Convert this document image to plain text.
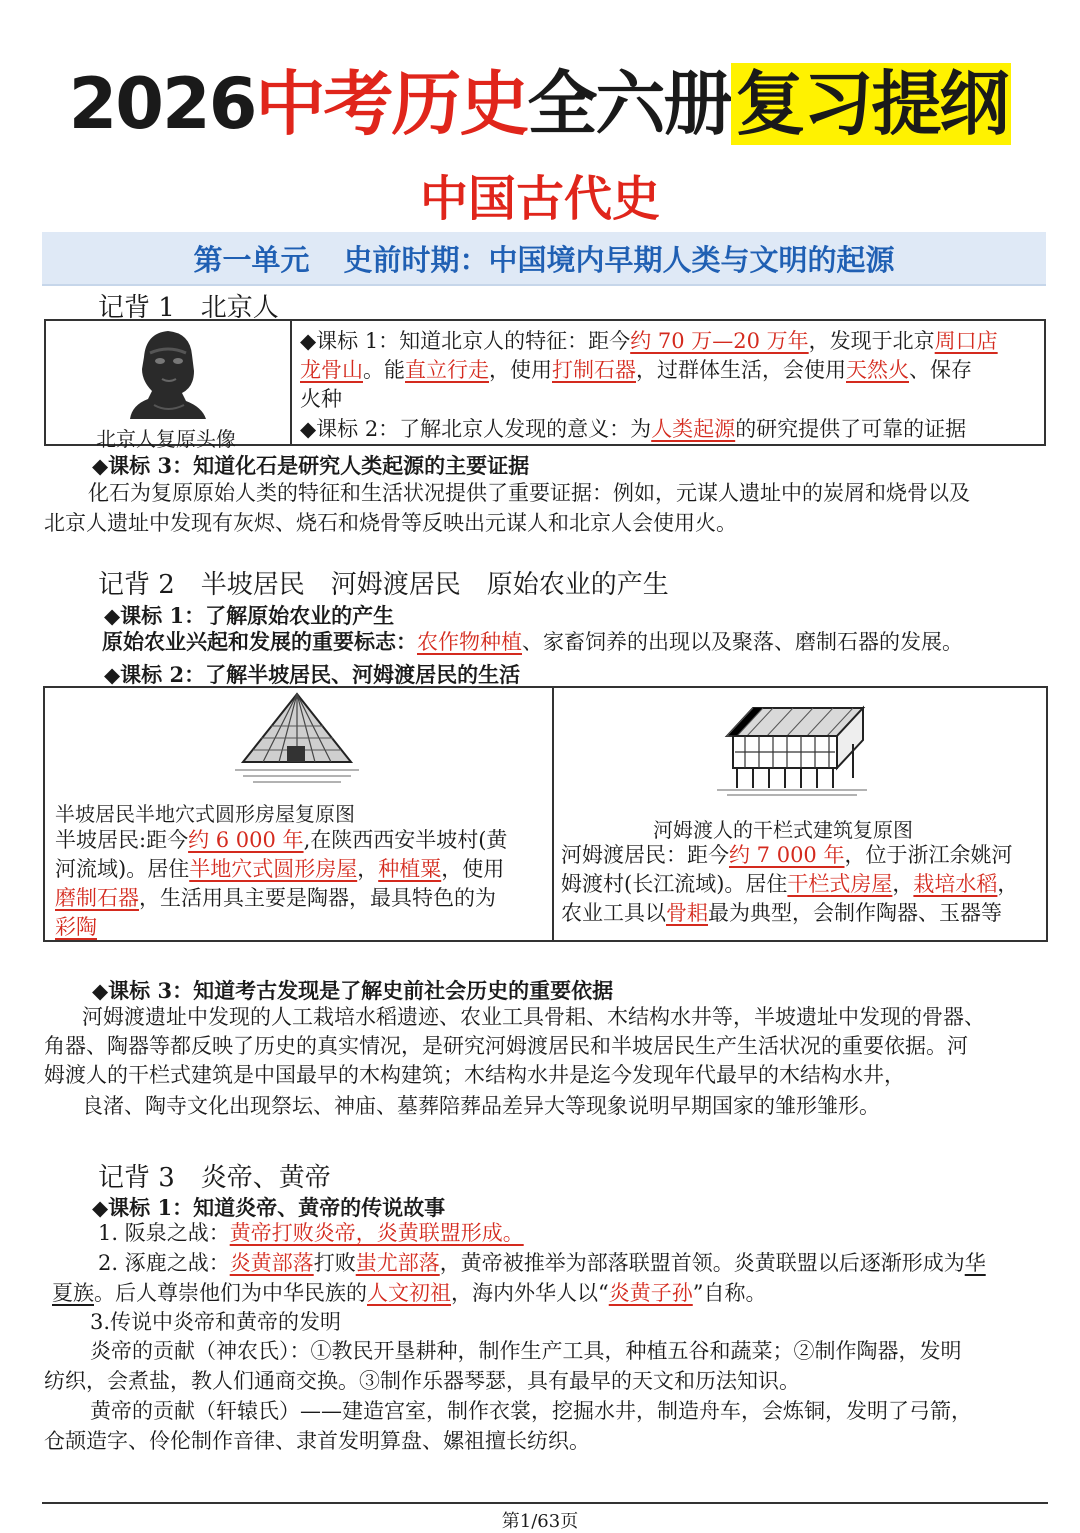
2026中考历史全六册复习提纲
中国古代史
第一单元 史前时期：中国境内早期人类与文明的起源
记背 1　北京人
北京人复原头像
◆课标 1：知道北京人的特征：距今约 70 万—20 万年，发现于北京周口店
龙骨山。能直立行走，使用打制石器，过群体生活，会使用天然火、保存
火种
◆课标 2：了解北京人发现的意义：为人类起源的研究提供了可靠的证据
◆课标 3：知道化石是研究人类起源的主要证据
化石为复原原始人类的特征和生活状况提供了重要证据：例如，元谋人遗址中的炭屑和烧骨以及
北京人遗址中发现有灰烬、烧石和烧骨等反映出元谋人和北京人会使用火。
记背 2　半坡居民　河姆渡居民　原始农业的产生
◆课标 1：了解原始农业的产生
原始农业兴起和发展的重要标志：农作物种植、家畜饲养的出现以及聚落、磨制石器的发展。
◆课标 2：了解半坡居民、河姆渡居民的生活
半坡居民半地穴式圆形房屋复原图
半坡居民:距今约 6 000 年,在陕西西安半坡村(黄
河流域)。居住半地穴式圆形房屋，种植粟，使用
磨制石器，生活用具主要是陶器，最具特色的为
彩陶
河姆渡人的干栏式建筑复原图
河姆渡居民：距今约 7 000 年，位于浙江余姚河
姆渡村(长江流域)。居住干栏式房屋，栽培水稻，
农业工具以骨耜最为典型，会制作陶器、玉器等
◆课标 3：知道考古发现是了解史前社会历史的重要依据
河姆渡遗址中发现的人工栽培水稻遗迹、农业工具骨耜、木结构水井等，半坡遗址中发现的骨器、
角器、陶器等都反映了历史的真实情况，是研究河姆渡居民和半坡居民生产生活状况的重要依据。河
姆渡人的干栏式建筑是中国最早的木构建筑；木结构水井是迄今发现年代最早的木结构水井，
良渚、陶寺文化出现祭坛、神庙、墓葬陪葬品差异大等现象说明早期国家的雏形雏形。
记背 3　炎帝、黄帝
◆课标 1：知道炎帝、黄帝的传说故事
1. 阪泉之战：黄帝打败炎帝，炎黄联盟形成。
2. 涿鹿之战：炎黄部落打败蚩尤部落，黄帝被推举为部落联盟首领。炎黄联盟以后逐渐形成为华
夏族。后人尊崇他们为中华民族的人文初祖，海内外华人以“炎黄子孙”自称。
3.传说中炎帝和黄帝的发明
炎帝的贡献（神农氏）：①教民开垦耕种，制作生产工具，种植五谷和蔬菜；②制作陶器，发明
纺织，会煮盐，教人们通商交换。③制作乐器琴瑟，具有最早的天文和历法知识。
黄帝的贡献（轩辕氏）——建造宫室，制作衣裳，挖掘水井，制造舟车，会炼铜，发明了弓箭，
仓颉造字、伶伦制作音律、隶首发明算盘、嫘祖擅长纺织。
第1/63页
